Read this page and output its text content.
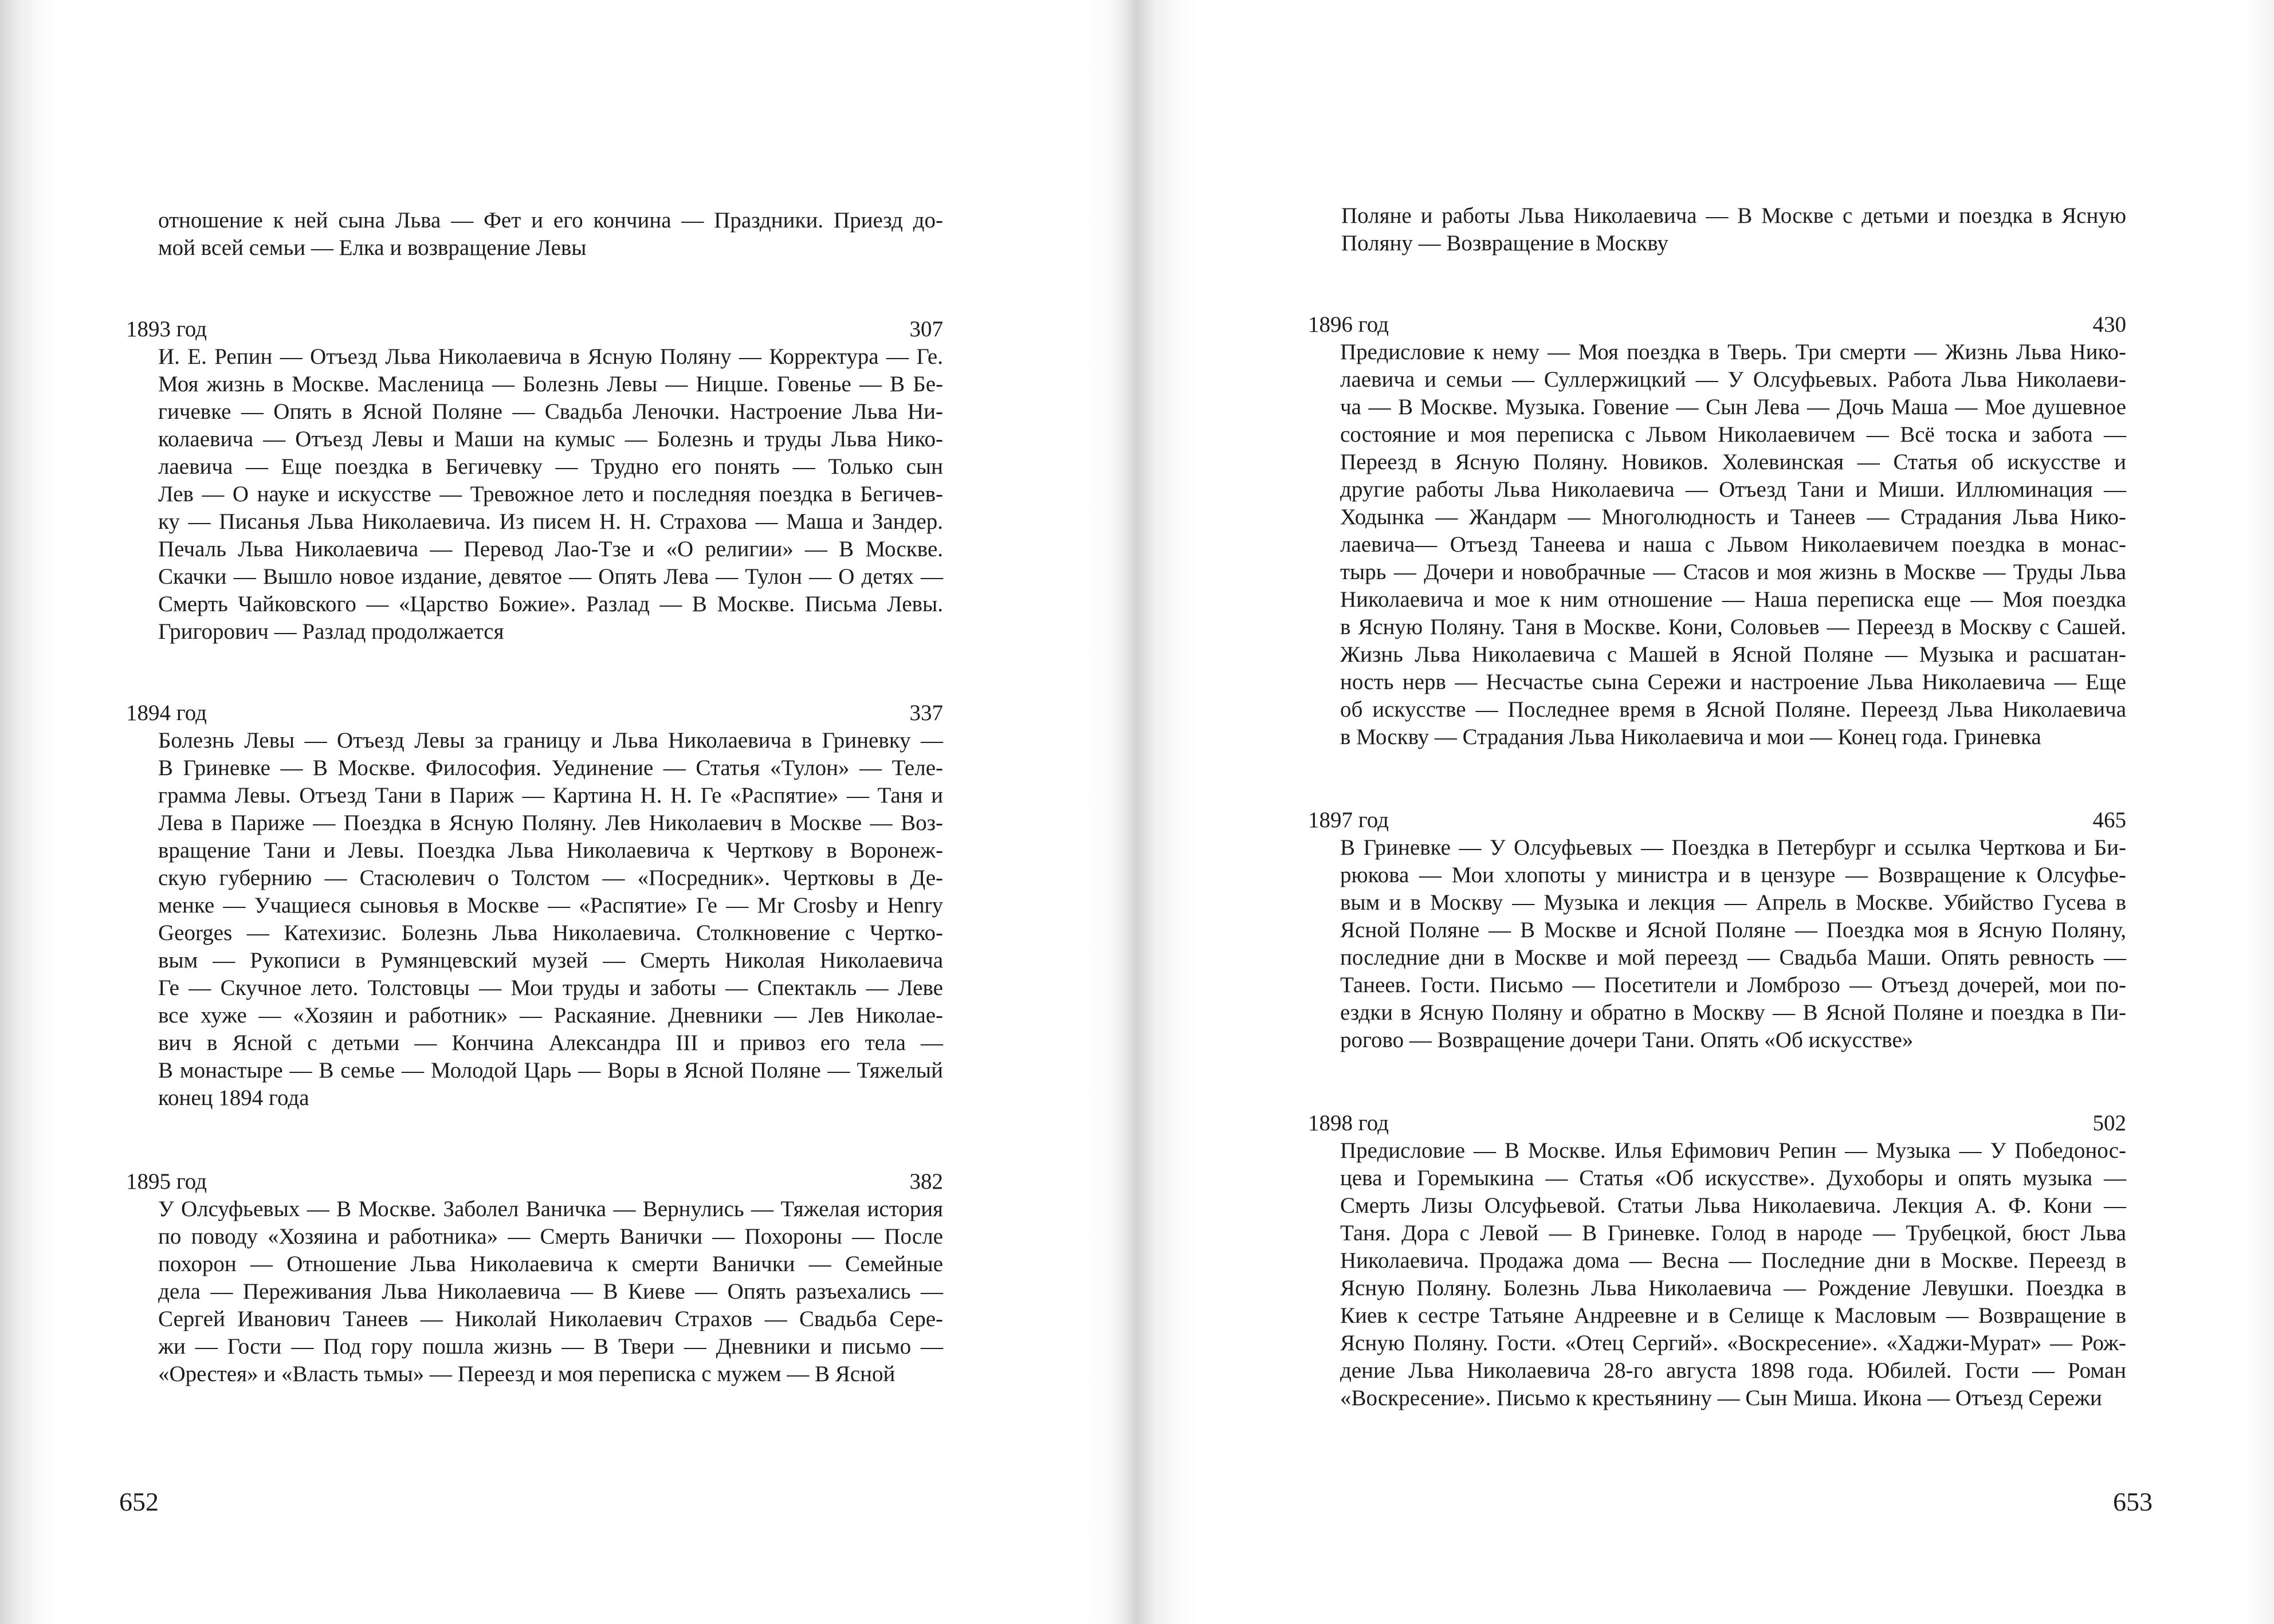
отношение к ней сына Льва — Фет и его кончина — Праздники. Приезд до-
мой всей семьи — Елка и возвращение Левы
1893 год	307
И. Е. Репин — Отъезд Льва Николаевича в Ясную Поляну — Корректура — Ге.
Моя жизнь в Москве. Масленица — Болезнь Левы — Ницше. Говенье — В Бе-
гичевке — Опять в Ясной Поляне — Свадьба Леночки. Настроение Льва Ни-
колаевича — Отъезд Левы и Маши на кумыс — Болезнь и труды Льва Нико-
лаевича — Еще поездка в Бегичевку — Трудно его понять — Только сын
Лев — О науке и искусстве — Тревожное лето и последняя поездка в Бегичев-
ку — Писанья Льва Николаевича. Из писем Н. Н. Страхова — Маша и Зандер.
Печаль Льва Николаевича — Перевод Лао-Тзе и «О религии» — В Москве.
Скачки — Вышло новое издание, девятое — Опять Лева — Тулон — О детях —
Смерть Чайковского — «Царство Божие». Разлад — В Москве. Письма Левы.
Григорович — Разлад продолжается
1894 год	337
Болезнь Левы — Отъезд Левы за границу и Льва Николаевича в Гриневку —
В Гриневке — В Москве. Философия. Уединение — Статья «Тулон» — Теле-
грамма Левы. Отъезд Тани в Париж — Картина Н. Н. Ге «Распятие» — Таня и
Лева в Париже — Поездка в Ясную Поляну. Лев Николаевич в Москве — Воз-
вращение Тани и Левы. Поездка Льва Николаевича к Черткову в Воронеж-
скую губернию — Стасюлевич о Толстом — «Посредник». Чертковы в Де-
менке — Учащиеся сыновья в Москве — «Распятие» Ге — Mr Crosby и Henry
Georges — Катехизис. Болезнь Льва Николаевича. Столкновение с Чертко-
вым — Рукописи в Румянцевский музей — Смерть Николая Николаевича
Ге — Скучное лето. Толстовцы — Мои труды и заботы — Спектакль — Леве
все хуже — «Хозяин и работник» — Раскаяние. Дневники — Лев Николае-
вич в Ясной с детьми — Кончина Александра III и привоз его тела —
В монастыре — В семье — Молодой Царь — Воры в Ясной Поляне — Тяжелый
конец 1894 года
1895 год	382
У Олсуфьевых — В Москве. Заболел Ваничка — Вернулись — Тяжелая история
по поводу «Хозяина и работника» — Смерть Ванички — Похороны — После
похорон — Отношение Льва Николаевича к смерти Ванички — Семейные
дела — Переживания Льва Николаевича — В Киеве — Опять разъехались —
Сергей Иванович Танеев — Николай Николаевич Страхов — Свадьба Сере-
жи — Гости — Под гору пошла жизнь — В Твери — Дневники и письмо —
«Орестея» и «Власть тьмы» — Переезд и моя переписка с мужем — В Ясной
652
Поляне и работы Льва Николаевича — В Москве с детьми и поездка в Ясную
Поляну — Возвращение в Москву
1896 год	430
Предисловие к нему — Моя поездка в Тверь. Три смерти — Жизнь Льва Нико-
лаевича и семьи — Суллержицкий — У Олсуфьевых. Работа Льва Николаеви-
ча — В Москве. Музыка. Говение — Сын Лева — Дочь Маша — Мое душевное
состояние и моя переписка с Львом Николаевичем — Всё тоска и забота —
Переезд в Ясную Поляну. Новиков. Холевинская — Статья об искусстве и
другие работы Льва Николаевича — Отъезд Тани и Миши. Иллюминация —
Ходынка — Жандарм — Многолюдность и Танеев — Страдания Льва Нико-
лаевича— Отъезд Танеева и наша с Львом Николаевичем поездка в монас-
тырь — Дочери и новобрачные — Стасов и моя жизнь в Москве — Труды Льва
Николаевича и мое к ним отношение — Наша переписка еще — Моя поездка
в Ясную Поляну. Таня в Москве. Кони, Соловьев — Переезд в Москву с Сашей.
Жизнь Льва Николаевича с Машей в Ясной Поляне — Музыка и расшатан-
ность нерв — Несчастье сына Сережи и настроение Льва Николаевича — Еще
об искусстве — Последнее время в Ясной Поляне. Переезд Льва Николаевича
в Москву — Страдания Льва Николаевича и мои — Конец года. Гриневка
1897 год	465
В Гриневке — У Олсуфьевых — Поездка в Петербург и ссылка Черткова и Би-
рюкова — Мои хлопоты у министра и в цензуре — Возвращение к Олсуфье-
вым и в Москву — Музыка и лекция — Апрель в Москве. Убийство Гусева в
Ясной Поляне — В Москве и Ясной Поляне — Поездка моя в Ясную Поляну,
последние дни в Москве и мой переезд — Свадьба Маши. Опять ревность —
Танеев. Гости. Письмо — Посетители и Ломброзо — Отъезд дочерей, мои по-
ездки в Ясную Поляну и обратно в Москву — В Ясной Поляне и поездка в Пи-
рогово — Возвращение дочери Тани. Опять «Об искусстве»
1898 год	502
Предисловие — В Москве. Илья Ефимович Репин — Музыка — У Победонос-
цева и Горемыкина — Статья «Об искусстве». Духоборы и опять музыка —
Смерть Лизы Олсуфьевой. Статьи Льва Николаевича. Лекция А. Ф. Кони —
Таня. Дора с Левой — В Гриневке. Голод в народе — Трубецкой, бюст Льва
Николаевича. Продажа дома — Весна — Последние дни в Москве. Переезд в
Ясную Поляну. Болезнь Льва Николаевича — Рождение Левушки. Поездка в
Киев к сестре Татьяне Андреевне и в Селище к Масловым — Возвращение в
Ясную Поляну. Гости. «Отец Сергий». «Воскресение». «Хаджи-Мурат» — Рож-
дение Льва Николаевича 28-го августа 1898 года. Юбилей. Гости — Роман
«Воскресение». Письмо к крестьянину — Сын Миша. Икона — Отъезд Сережи
653
